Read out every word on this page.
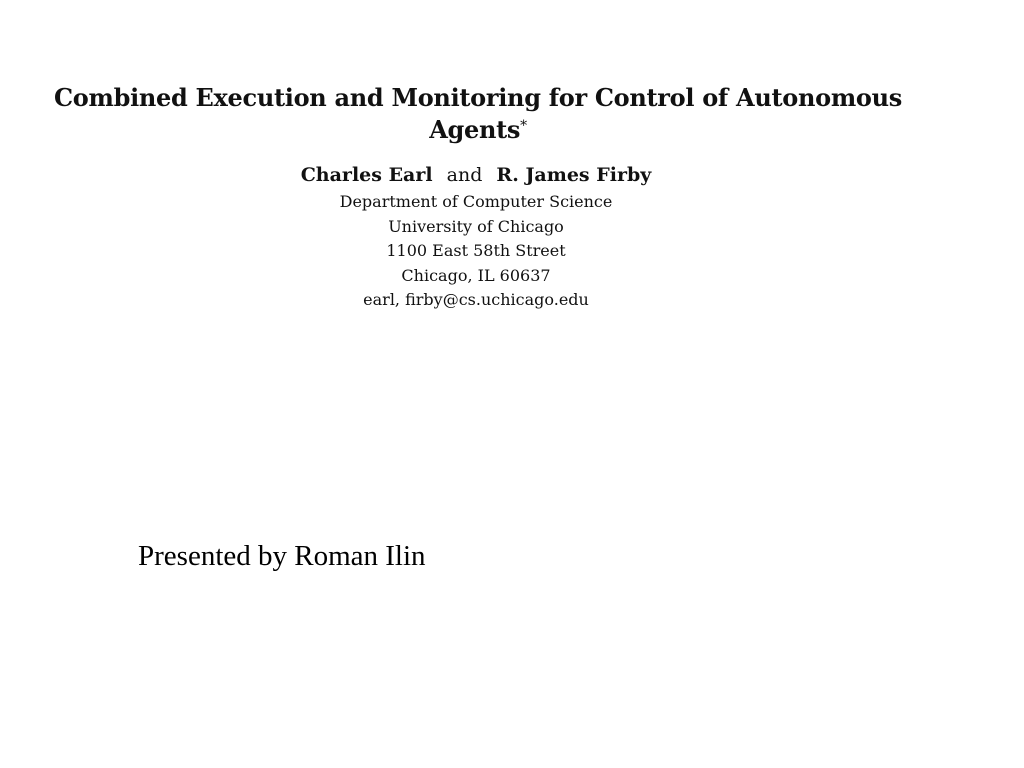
Combined Execution and Monitoring for Control of Autonomous
Agents*
Charles Earl and R. James Firby
Department of Computer Science
University of Chicago
1100 East 58th Street
Chicago, IL 60637
earl, firby@cs.uchicago.edu
Presented by Roman Ilin
